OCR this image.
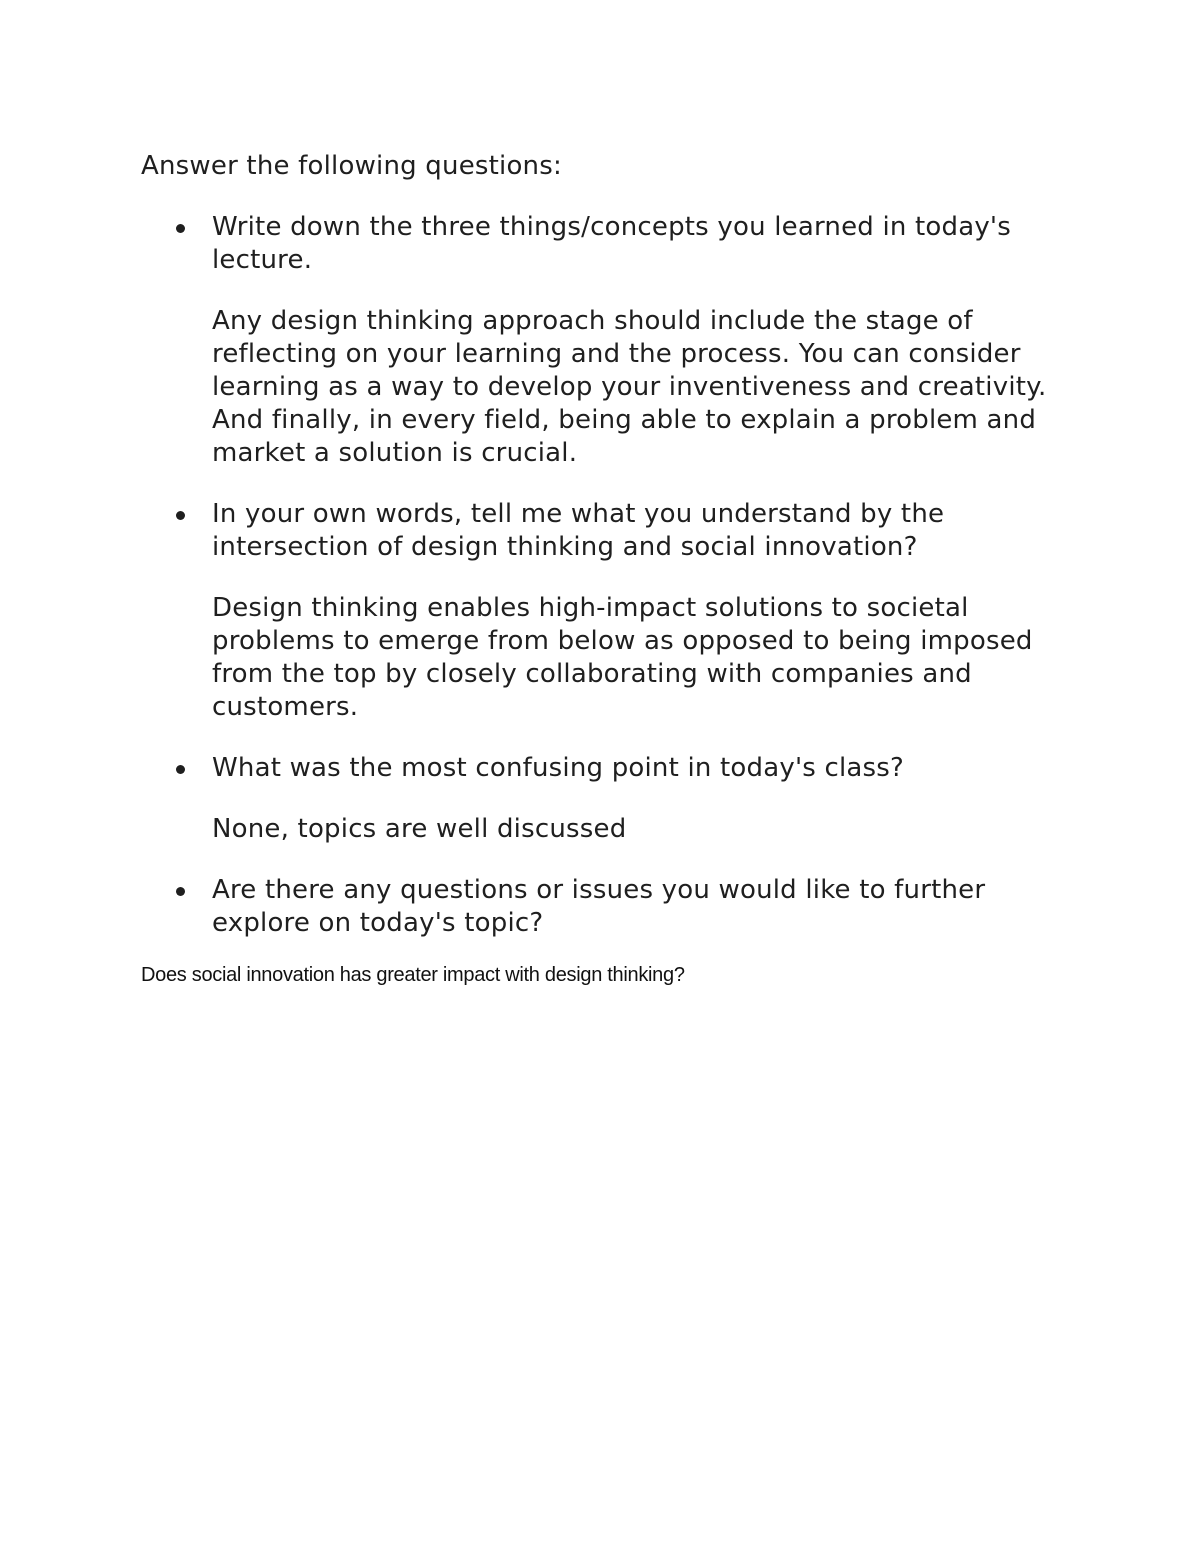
Answer the following questions:

Write down the three things/concepts you learned in today's lecture.

Any design thinking approach should include the stage of reflecting on your learning and the process. You can consider learning as a way to develop your inventiveness and creativity. And finally, in every field, being able to explain a problem and market a solution is crucial.

In your own words, tell me what you understand by the intersection of design thinking and social innovation?

Design thinking enables high-impact solutions to societal problems to emerge from below as opposed to being imposed from the top by closely collaborating with companies and customers.

What was the most confusing point in today's class?

None, topics are well discussed

Are there any questions or issues you would like to further explore on today's topic?

Does social innovation has greater impact with design thinking?
